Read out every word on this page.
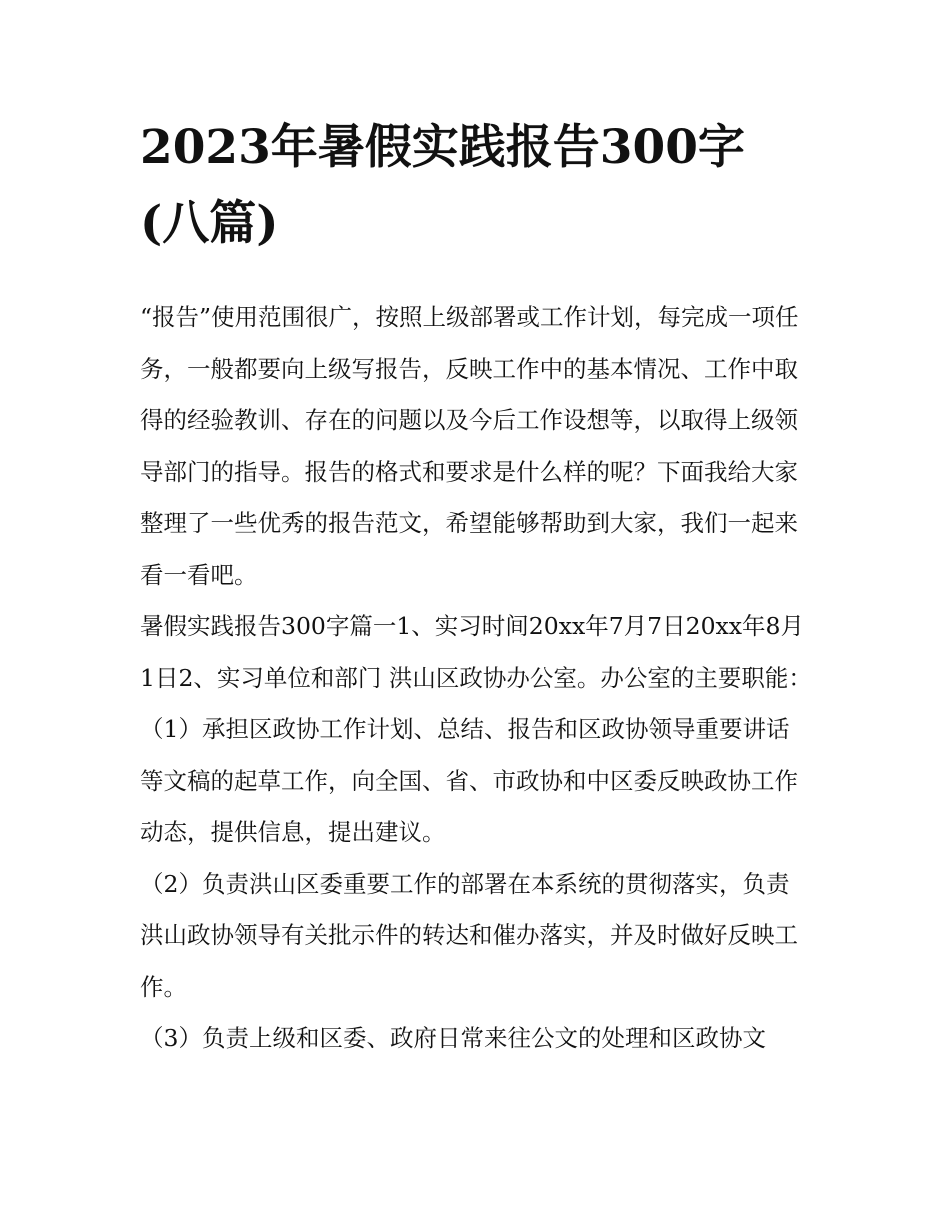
2023年暑假实践报告300字(八篇)

“报告”使用范围很广，按照上级部署或工作计划，每完成一项任务，一般都要向上级写报告，反映工作中的基本情况、工作中取得的经验教训、存在的问题以及今后工作设想等，以取得上级领导部门的指导。报告的格式和要求是什么样的呢？下面我给大家整理了一些优秀的报告范文，希望能够帮助到大家，我们一起来看一看吧。

暑假实践报告300字篇一1、实习时间20xx年7月7日20xx年8月1日2、实习单位和部门 洪山区政协办公室。办公室的主要职能：

（1）承担区政协工作计划、总结、报告和区政协领导重要讲话等文稿的起草工作，向全国、省、市政协和中区委反映政协工作动态，提供信息，提出建议。

（2）负责洪山区委重要工作的部署在本系统的贯彻落实，负责洪山政协领导有关批示件的转达和催办落实，并及时做好反映工作。

（3）负责上级和区委、政府日常来往公文的处理和区政协文
